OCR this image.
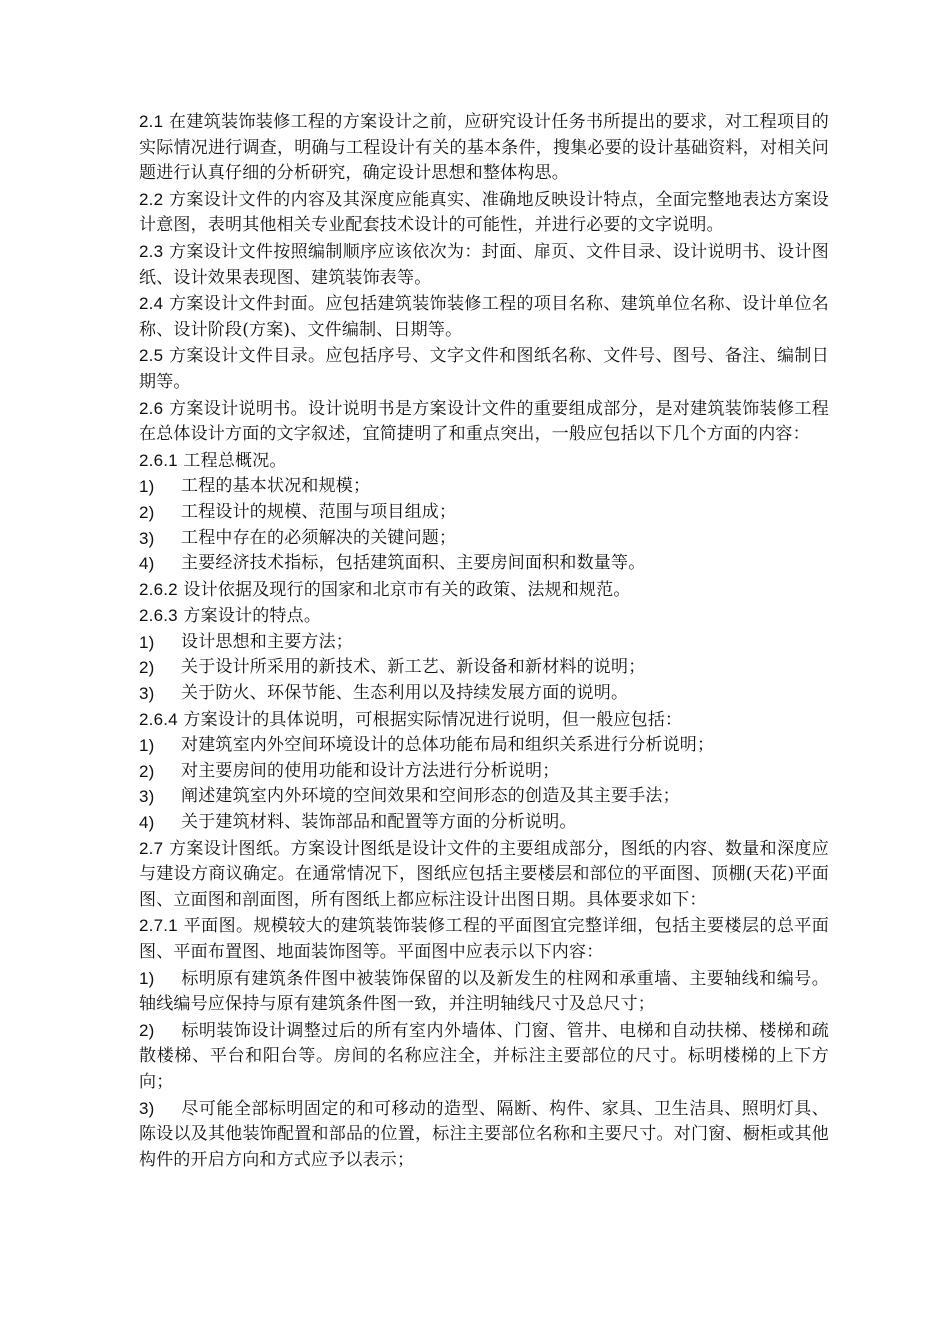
2.1 在建筑装饰装修工程的方案设计之前，应研究设计任务书所提出的要求，对工程项目的实际情况进行调查，明确与工程设计有关的基本条件，搜集必要的设计基础资料，对相关问题进行认真仔细的分析研究，确定设计思想和整体构思。

2.2 方案设计文件的内容及其深度应能真实、准确地反映设计特点，全面完整地表达方案设计意图，表明其他相关专业配套技术设计的可能性，并进行必要的文字说明。

2.3 方案设计文件按照编制顺序应该依次为：封面、扉页、文件目录、设计说明书、设计图纸、设计效果表现图、建筑装饰表等。

2.4 方案设计文件封面。应包括建筑装饰装修工程的项目名称、建筑单位名称、设计单位名称、设计阶段(方案)、文件编制、日期等。

2.5 方案设计文件目录。应包括序号、文字文件和图纸名称、文件号、图号、备注、编制日期等。

2.6 方案设计说明书。设计说明书是方案设计文件的重要组成部分，是对建筑装饰装修工程在总体设计方面的文字叙述，宜简捷明了和重点突出，一般应包括以下几个方面的内容：

2.6.1 工程总概况。

1)	工程的基本状况和规模；
2)	工程设计的规模、范围与项目组成；
3)	工程中存在的必须解决的关键问题；
4)	主要经济技术指标，包括建筑面积、主要房间面积和数量等。

2.6.2 设计依据及现行的国家和北京市有关的政策、法规和规范。

2.6.3 方案设计的特点。

1)	设计思想和主要方法；
2)	关于设计所采用的新技术、新工艺、新设备和新材料的说明；
3)	关于防火、环保节能、生态利用以及持续发展方面的说明。

2.6.4 方案设计的具体说明，可根据实际情况进行说明，但一般应包括：

1)	对建筑室内外空间环境设计的总体功能布局和组织关系进行分析说明；
2)	对主要房间的使用功能和设计方法进行分析说明；
3)	阐述建筑室内外环境的空间效果和空间形态的创造及其主要手法；
4)	关于建筑材料、装饰部品和配置等方面的分析说明。

2.7 方案设计图纸。方案设计图纸是设计文件的主要组成部分，图纸的内容、数量和深度应与建设方商议确定。在通常情况下，图纸应包括主要楼层和部位的平面图、顶棚(天花)平面图、立面图和剖面图，所有图纸上都应标注设计出图日期。具体要求如下：

2.7.1 平面图。规模较大的建筑装饰装修工程的平面图宜完整详细，包括主要楼层的总平面图、平面布置图、地面装饰图等。平面图中应表示以下内容：

1) 标明原有建筑条件图中被装饰保留的以及新发生的柱网和承重墙、主要轴线和编号。轴线编号应保持与原有建筑条件图一致，并注明轴线尺寸及总尺寸；

2) 标明装饰设计调整过后的所有室内外墙体、门窗、管井、电梯和自动扶梯、楼梯和疏散楼梯、平台和阳台等。房间的名称应注全，并标注主要部位的尺寸。标明楼梯的上下方向；

3) 尽可能全部标明固定的和可移动的造型、隔断、构件、家具、卫生洁具、照明灯具、陈设以及其他装饰配置和部品的位置，标注主要部位名称和主要尺寸。对门窗、橱柜或其他构件的开启方向和方式应予以表示；
